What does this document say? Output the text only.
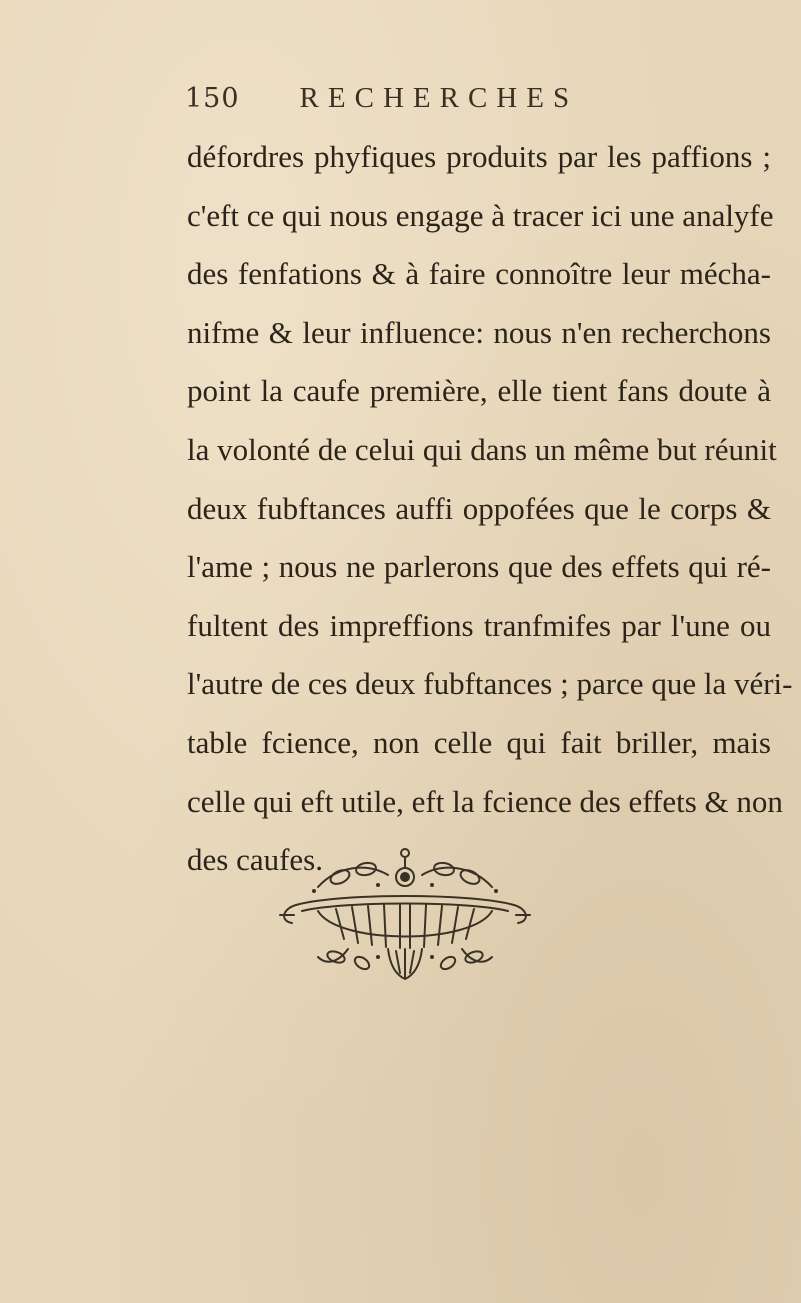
150 RECHERCHES
défordres phyfiques produits par les paffions ;
c'eft ce qui nous engage à tracer ici une analyfe
des fenfations & à faire connoître leur mécha-
nifme & leur influence: nous n'en recherchons
point la caufe première, elle tient fans doute à
la volonté de celui qui dans un même but réunit
deux fubftances auffi oppofées que le corps &
l'ame ; nous ne parlerons que des effets qui ré-
fultent des impreffions tranfmifes par l'une ou
l'autre de ces deux fubftances ; parce que la véri-
table fcience, non celle qui fait briller, mais
celle qui eft utile, eft la fcience des effets & non
des caufes.
